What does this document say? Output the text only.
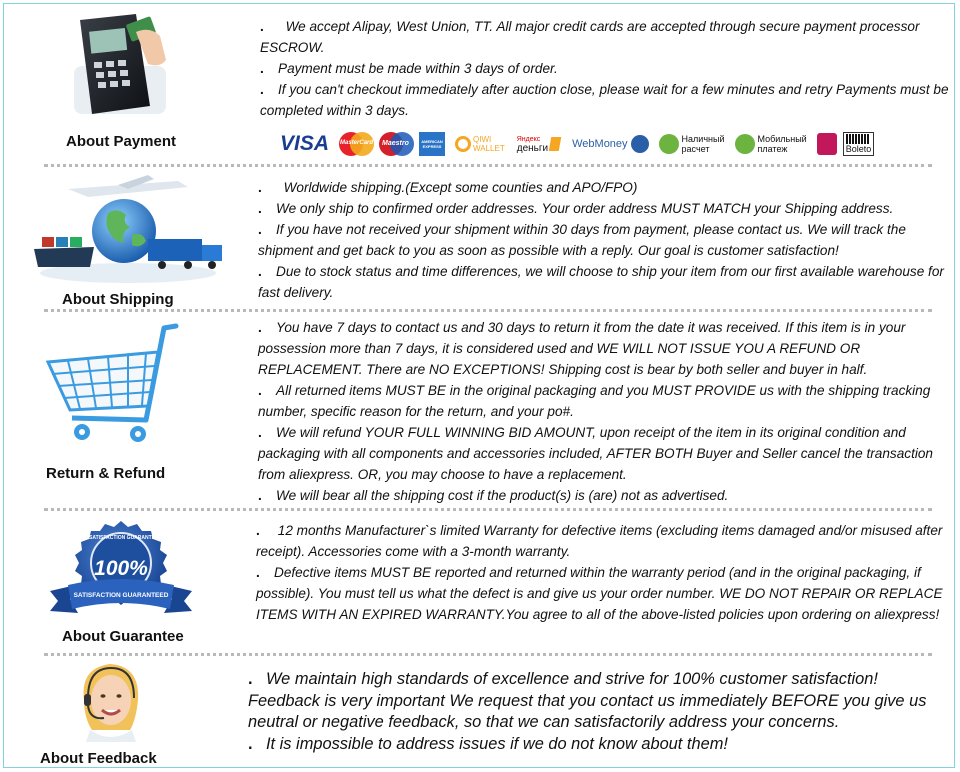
About Payment

. We accept Alipay, West Union, TT. All major credit cards are accepted through secure payment processor ESCROW.

. Payment must be made within 3 days of order.

. If you can't checkout immediately after auction close, please wait for a few minutes and retry Payments must be completed within 3 days.

VISA MasterCard Maestro	AMERICAN EXPRESS
QIWI
WALLET
Яндекс
деньги WebMoney	Наличный
расчет
Мобильный
платеж	Boleto
About Shipping

. Worldwide shipping.(Except some counties and APO/FPO)

. We only ship to confirmed order addresses. Your order address MUST MATCH your Shipping address.

. If you have not received your shipment within 30 days from payment, please contact us. We will track the shipment and get back to you as soon as possible with a reply. Our goal is customer satisfaction!

. Due to stock status and time differences, we will choose to ship your item from our first available warehouse for fast delivery.

Return & Refund

. You have 7 days to contact us and 30 days to return it from the date it was received. If this item is in your possession more than 7 days, it is considered used and WE WILL NOT ISSUE YOU A REFUND OR REPLACEMENT. There are NO EXCEPTIONS! Shipping cost is bear by both seller and buyer in half.

. All returned items MUST BE in the original packaging and you MUST PROVIDE us with the shipping tracking number, specific reason for the return, and your po#.

. We will refund YOUR FULL WINNING BID AMOUNT, upon receipt of the item in its original condition and packaging with all components and accessories included, AFTER BOTH Buyer and Seller cancel the transaction from aliexpress. OR, you may choose to have a replacement.

. We will bear all the shipping cost if the product(s) is (are) not as advertised.

SATISFACTION GUARANTEED
100%
SATISFACTION GUARANTEED
About Guarantee

. 12 months Manufacturer`s limited Warranty for defective items (excluding items damaged and/or misused after receipt). Accessories come with a 3-month warranty.

. Defective items MUST BE reported and returned within the warranty period (and in the original packaging, if possible). You must tell us what the defect is and give us your order number. WE DO NOT REPAIR OR REPLACE ITEMS WITH AN EXPIRED WARRANTY.You agree to all of the above-listed policies upon ordering on aliexpress!

About Feedback

. We maintain high standards of excellence and strive for 100% customer satisfaction! Feedback is very important We request that you contact us immediately BEFORE you give us neutral or negative feedback, so that we can satisfactorily address your concerns.

. It is impossible to address issues if we do not know about them!
